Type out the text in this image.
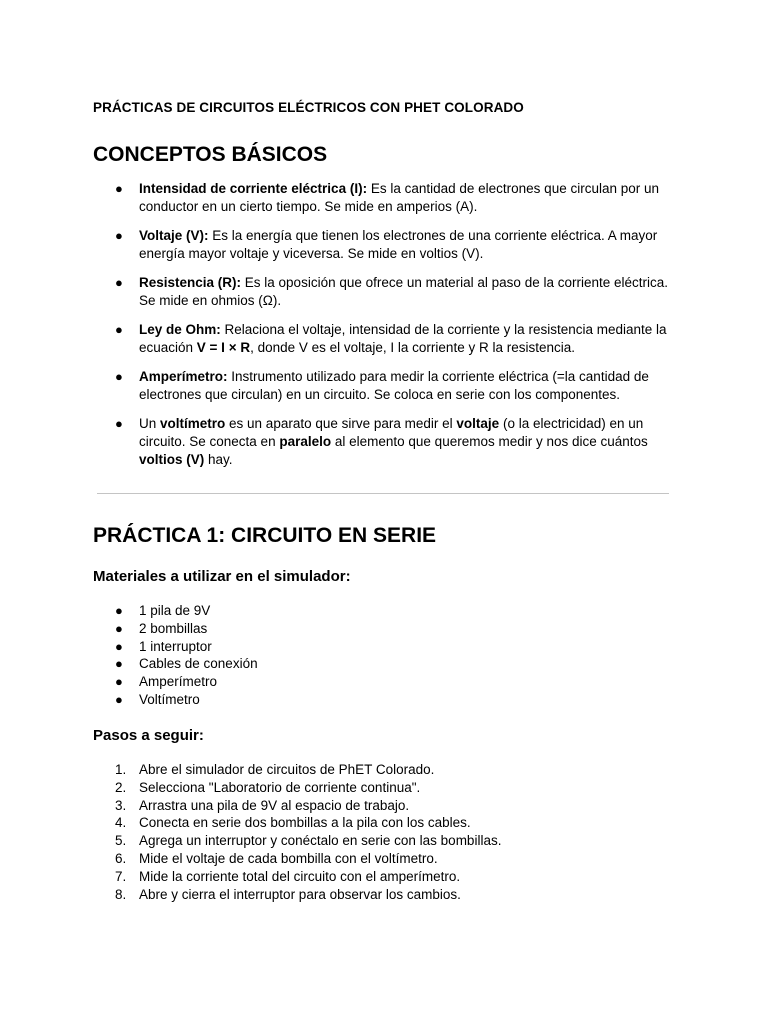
PRÁCTICAS DE CIRCUITOS ELÉCTRICOS CON PHET COLORADO
CONCEPTOS BÁSICOS
● Intensidad de corriente eléctrica (I): Es la cantidad de electrones que circulan por un conductor en un cierto tiempo. Se mide en amperios (A).
● Voltaje (V): Es la energía que tienen los electrones de una corriente eléctrica. A mayor energía mayor voltaje y viceversa. Se mide en voltios (V).
● Resistencia (R): Es la oposición que ofrece un material al paso de la corriente eléctrica. Se mide en ohmios (Ω).
● Ley de Ohm: Relaciona el voltaje, intensidad de la corriente y la resistencia mediante la ecuación V = I × R, donde V es el voltaje, I la corriente y R la resistencia.
● Amperímetro: Instrumento utilizado para medir la corriente eléctrica (=la cantidad de electrones que circulan) en un circuito. Se coloca en serie con los componentes.
● Un voltímetro es un aparato que sirve para medir el voltaje (o la electricidad) en un circuito. Se conecta en paralelo al elemento que queremos medir y nos dice cuántos voltios (V) hay.
PRÁCTICA 1: CIRCUITO EN SERIE
Materiales a utilizar en el simulador:
● 1 pila de 9V
● 2 bombillas
● 1 interruptor
● Cables de conexión
● Amperímetro
● Voltímetro
Pasos a seguir:
1. Abre el simulador de circuitos de PhET Colorado.
2. Selecciona "Laboratorio de corriente continua".
3. Arrastra una pila de 9V al espacio de trabajo.
4. Conecta en serie dos bombillas a la pila con los cables.
5. Agrega un interruptor y conéctalo en serie con las bombillas.
6. Mide el voltaje de cada bombilla con el voltímetro.
7. Mide la corriente total del circuito con el amperímetro.
8. Abre y cierra el interruptor para observar los cambios.
